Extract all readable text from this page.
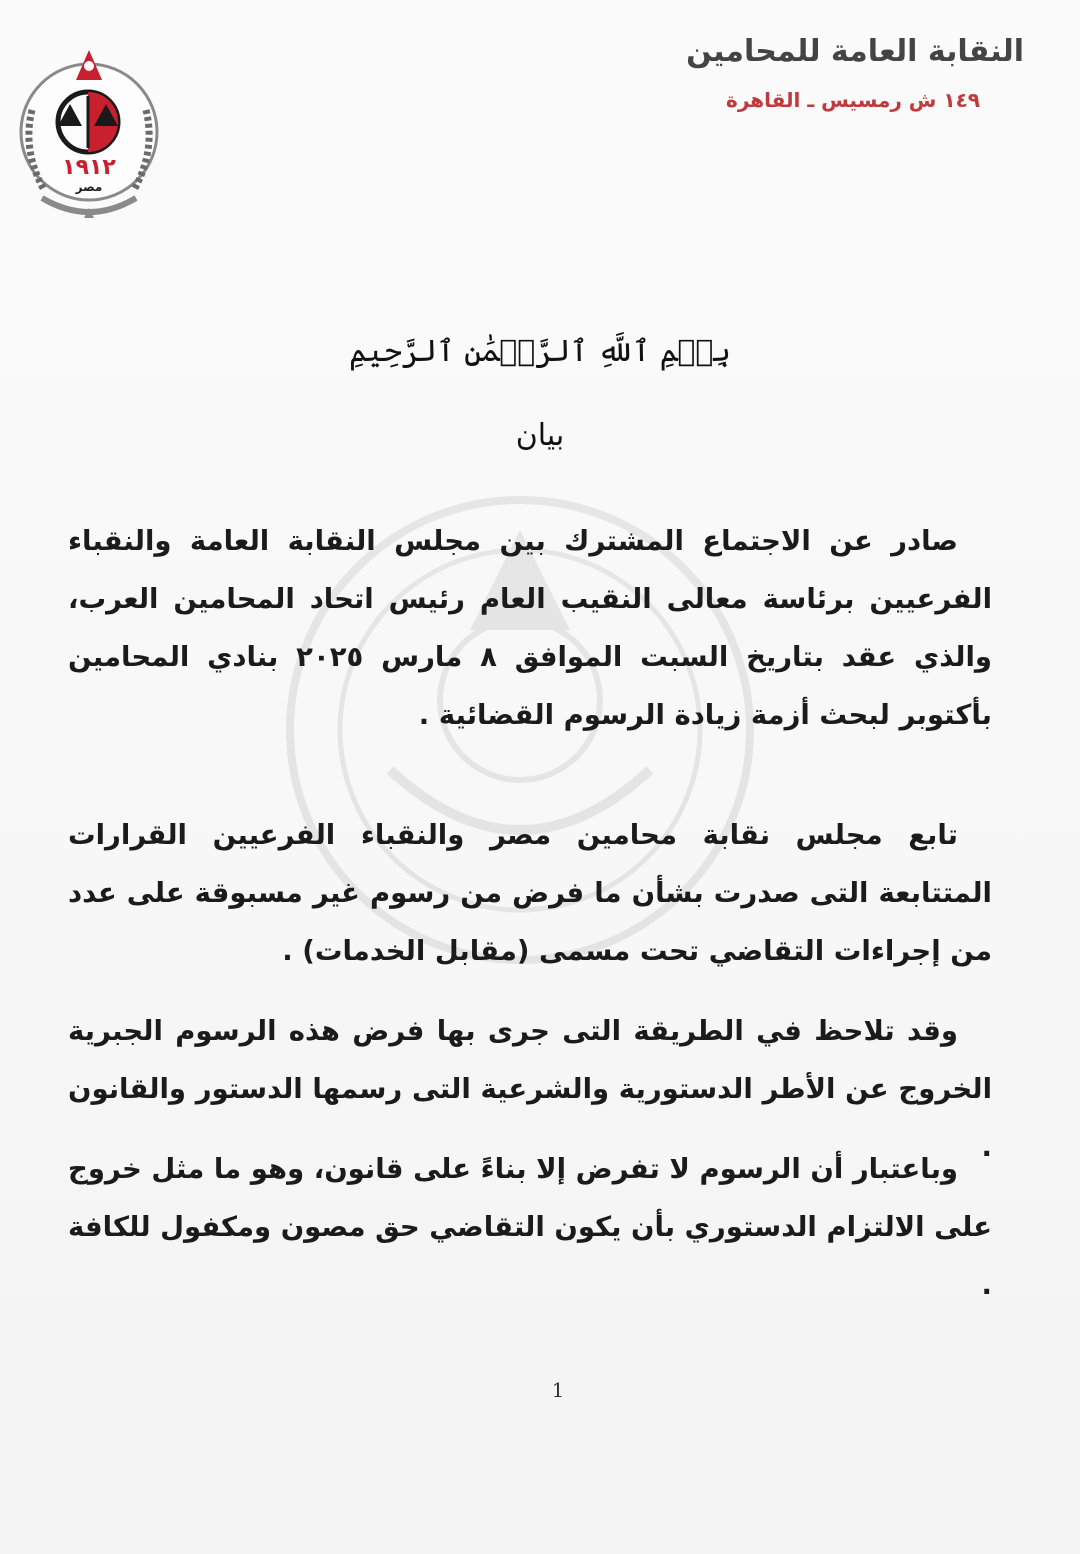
النقابة العامة للمحامين
١٤٩ ش رمسيس ـ القاهرة
١٩١٢
مصر
بِسۡمِ ٱللَّهِ ٱلرَّحۡمَٰنِ ٱلرَّحِيمِ
بيان
صادر عن الاجتماع المشترك بين مجلس النقابة العامة والنقباء الفرعيين برئاسة معالى النقيب العام رئيس اتحاد المحامين العرب، والذي عقد بتاريخ السبت الموافق ٨ مارس ٢٠٢٥ بنادي المحامين بأكتوبر لبحث أزمة زيادة الرسوم القضائية .
تابع مجلس نقابة محامين مصر والنقباء الفرعيين القرارات المتتابعة التى صدرت بشأن ما فرض من رسوم غير مسبوقة على عدد من إجراءات التقاضي تحت مسمى (مقابل الخدمات) .
وقد تلاحظ في الطريقة التى جرى بها فرض هذه الرسوم الجبرية الخروج عن الأطر الدستورية والشرعية التى رسمها الدستور والقانون .
وباعتبار أن الرسوم لا تفرض إلا بناءً على قانون، وهو ما مثل خروج على الالتزام الدستوري بأن يكون التقاضي حق مصون ومكفول للكافة .
1
